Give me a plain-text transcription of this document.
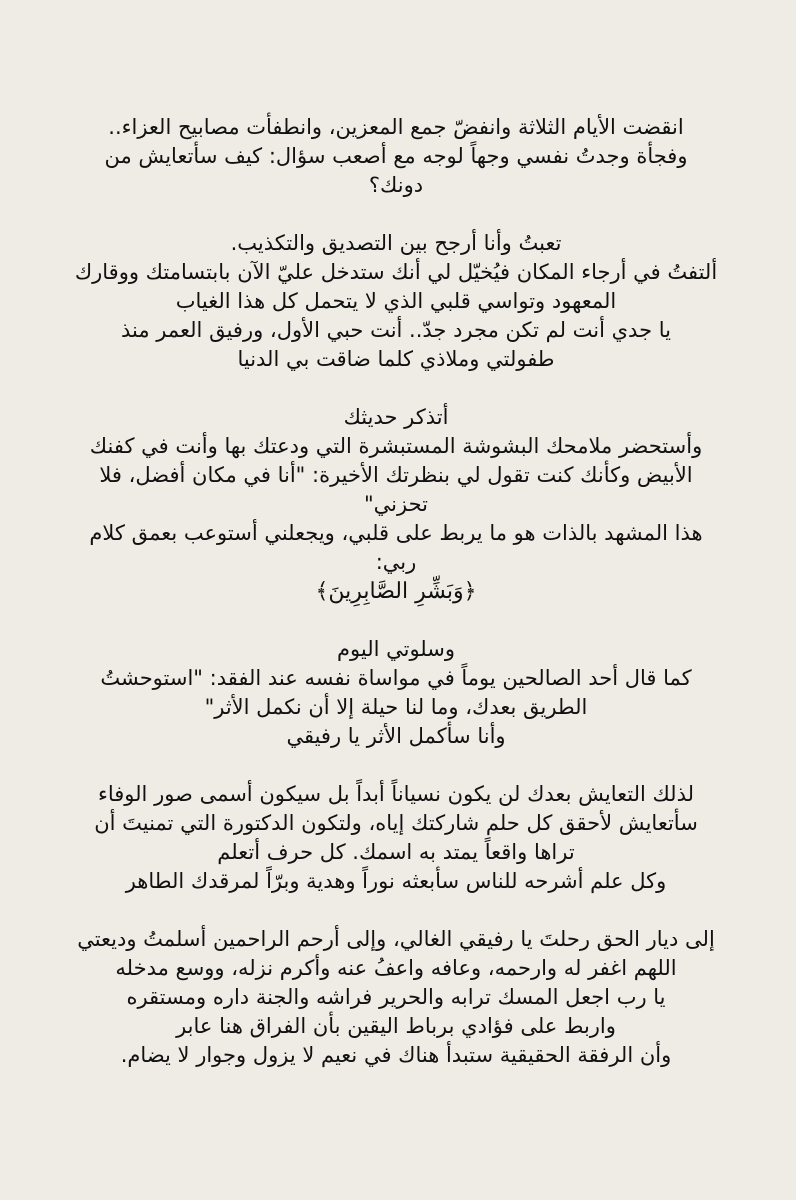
انقضت الأيام الثلاثة وانفضّ جمع المعزين، وانطفأت مصابيح العزاء..
وفجأة وجدتُ نفسي وجهاً لوجه مع أصعب سؤال: كيف سأتعايش من
دونك؟
تعبتُ وأنا أرجح بين التصديق والتكذيب.
ألتفتُ في أرجاء المكان فيُخيّل لي أنك ستدخل عليّ الآن بابتسامتك ووقارك
المعهود وتواسي قلبي الذي لا يتحمل كل هذا الغياب
يا جدي أنت لم تكن مجرد جدّ.. أنت حبي الأول، ورفيق العمر منذ
طفولتي وملاذي كلما ضاقت بي الدنيا
أتذكر حديثك
وأستحضر ملامحك البشوشة المستبشرة التي ودعتك بها وأنت في كفنك
الأبيض وكأنك كنت تقول لي بنظرتك الأخيرة: "أنا في مكان أفضل، فلا
تحزني"
هذا المشهد بالذات هو ما يربط على قلبي، ويجعلني أستوعب بعمق كلام
ربي:
﴿وَبَشِّرِ الصَّابِرِينَ﴾
وسلوتي اليوم
كما قال أحد الصالحين يوماً في مواساة نفسه عند الفقد: "استوحشتُ
الطريق بعدك، وما لنا حيلة إلا أن نكمل الأثر"
وأنا سأكمل الأثر يا رفيقي
لذلك التعايش بعدك لن يكون نسياناً أبداً بل سيكون أسمى صور الوفاء
سأتعايش لأحقق كل حلم شاركتك إياه، ولتكون الدكتورة التي تمنيتَ أن
تراها واقعاً يمتد به اسمك. كل حرف أتعلم
وكل علم أشرحه للناس سأبعثه نوراً وهدية وبرّاً لمرقدك الطاهر
إلى ديار الحق رحلتَ يا رفيقي الغالي، وإلى أرحم الراحمين أسلمتُ وديعتي
اللهم اغفر له وارحمه، وعافه واعفُ عنه وأكرم نزله، ووسع مدخله
يا رب اجعل المسك ترابه والحرير فراشه والجنة داره ومستقره
واربط على فؤادي برباط اليقين بأن الفراق هنا عابر
وأن الرفقة الحقيقية ستبدأ هناك في نعيم لا يزول وجوار لا يضام.
